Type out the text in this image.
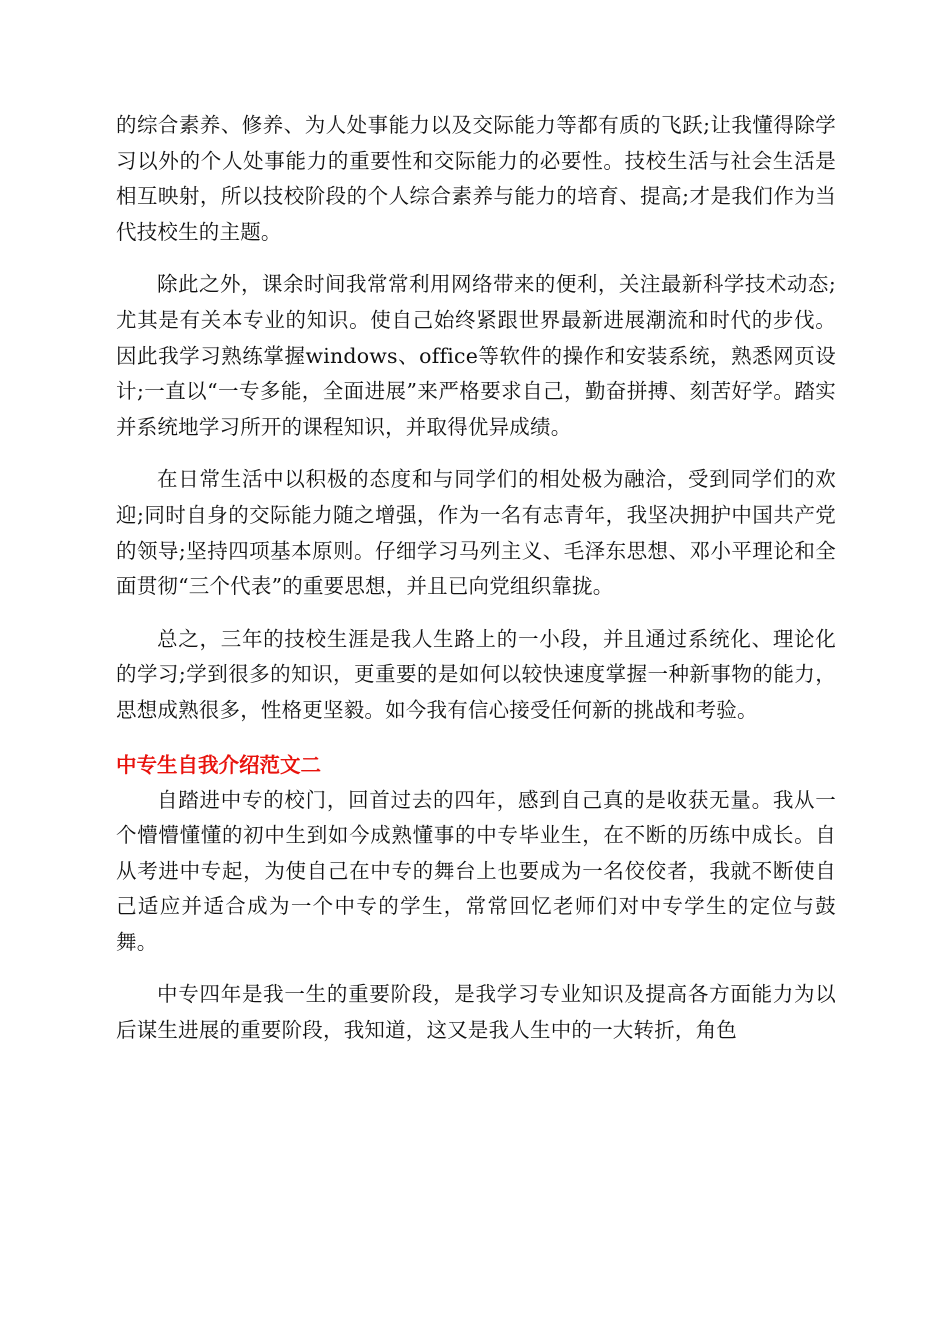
的综合素养、修养、为人处事能力以及交际能力等都有质的飞跃;让我懂得除学习以外的个人处事能力的重要性和交际能力的必要性。技校生活与社会生活是相互映射，所以技校阶段的个人综合素养与能力的培育、提高;才是我们作为当代技校生的主题。

除此之外，课余时间我常常利用网络带来的便利，关注最新科学技术动态;尤其是有关本专业的知识。使自己始终紧跟世界最新进展潮流和时代的步伐。因此我学习熟练掌握windows、office等软件的操作和安装系统，熟悉网页设计;一直以“一专多能，全面进展”来严格要求自己，勤奋拼搏、刻苦好学。踏实并系统地学习所开的课程知识，并取得优异成绩。

在日常生活中以积极的态度和与同学们的相处极为融洽，受到同学们的欢迎;同时自身的交际能力随之增强，作为一名有志青年，我坚决拥护中国共产党的领导;坚持四项基本原则。仔细学习马列主义、毛泽东思想、邓小平理论和全面贯彻“三个代表”的重要思想，并且已向党组织靠拢。

总之，三年的技校生涯是我人生路上的一小段，并且通过系统化、理论化的学习;学到很多的知识，更重要的是如何以较快速度掌握一种新事物的能力，思想成熟很多，性格更坚毅。如今我有信心接受任何新的挑战和考验。

中专生自我介绍范文二

自踏进中专的校门，回首过去的四年，感到自己真的是收获无量。我从一个懵懵懂懂的初中生到如今成熟懂事的中专毕业生，在不断的历练中成长。自从考进中专起，为使自己在中专的舞台上也要成为一名佼佼者，我就不断使自己适应并适合成为一个中专的学生，常常回忆老师们对中专学生的定位与鼓舞。

中专四年是我一生的重要阶段，是我学习专业知识及提高各方面能力为以后谋生进展的重要阶段，我知道，这又是我人生中的一大转折，角色
